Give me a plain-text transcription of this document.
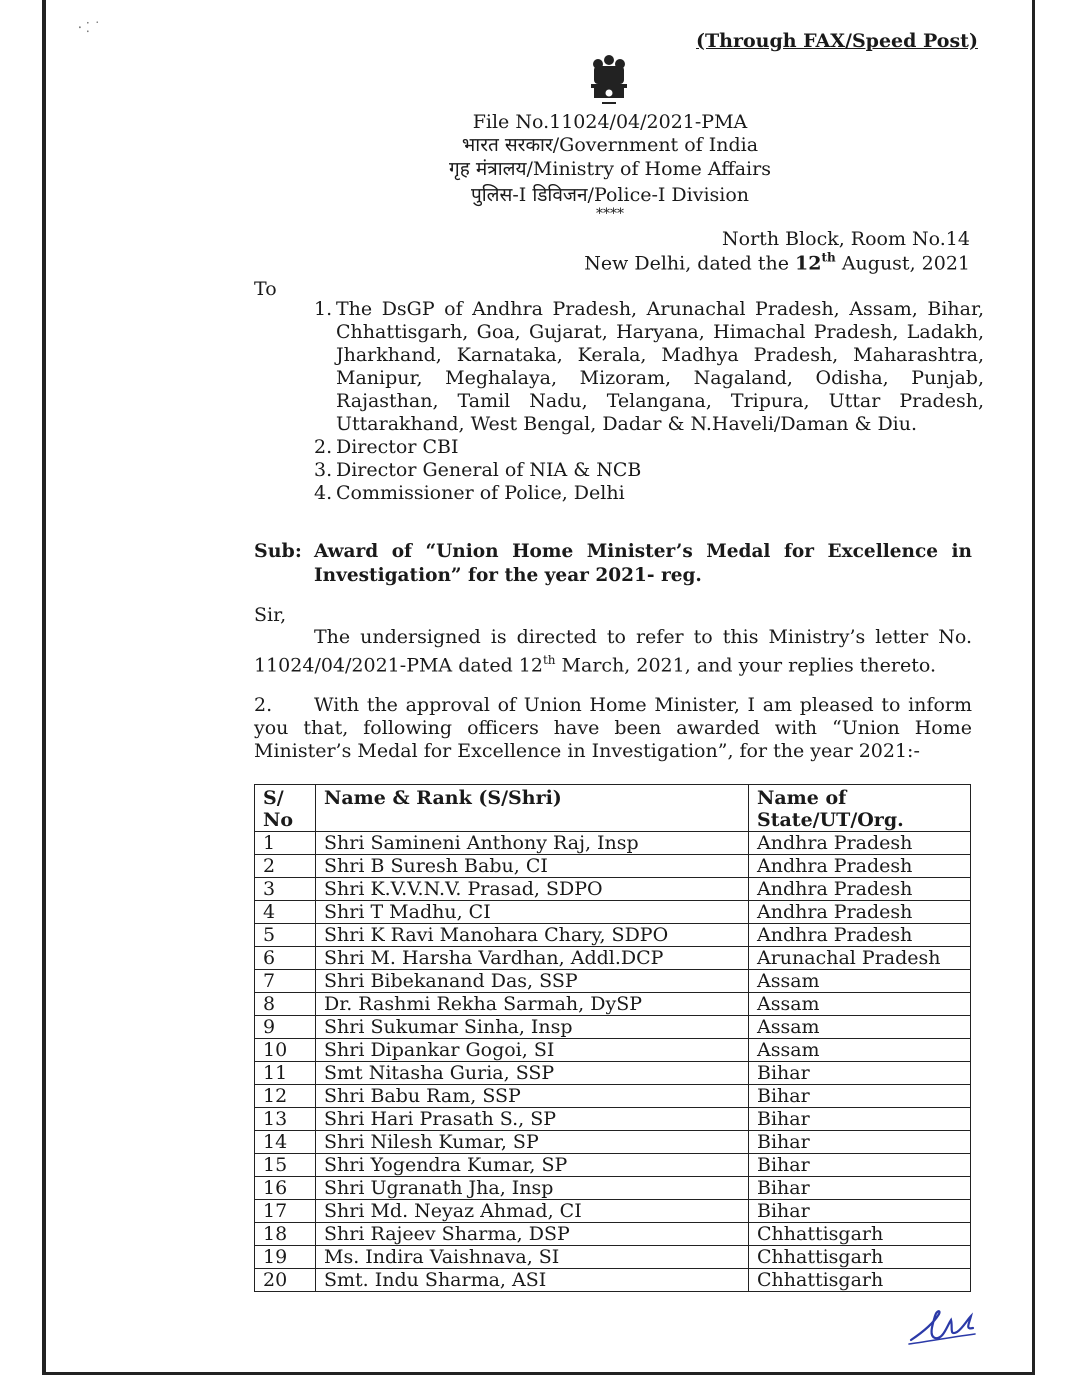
⸱ ⁚ ˙
(Through FAX/Speed Post)
File No.11024/04/2021-PMA
भारत सरकार/Government of India
गृह मंत्रालय/Ministry of Home Affairs
पुलिस-I डिविजन/Police-I Division
****
North Block, Room No.14
New Delhi, dated the 12th August, 2021
To
1. The DsGP of Andhra Pradesh, Arunachal Pradesh, Assam, Bihar, Chhattisgarh, Goa, Gujarat, Haryana, Himachal Pradesh, Ladakh, Jharkhand, Karnataka, Kerala, Madhya Pradesh, Maharashtra, Manipur, Meghalaya, Mizoram, Nagaland, Odisha, Punjab, Rajasthan, Tamil Nadu, Telangana, Tripura, Uttar Pradesh, Uttarakhand, West Bengal, Dadar & N.Haveli/Daman & Diu.
2. Director CBI
3. Director General of NIA & NCB
4. Commissioner of Police, Delhi
Sub: Award of “Union Home Minister’s Medal for Excellence in Investigation” for the year 2021- reg.
Sir,
The undersigned is directed to refer to this Ministry’s letter No. 11024/04/2021-PMA dated 12th March, 2021, and your replies thereto.
2. With the approval of Union Home Minister, I am pleased to inform you that, following officers have been awarded with “Union Home Minister’s Medal for Excellence in Investigation”, for the year 2021:-
S/ No	Name & Rank (S/Shri)	Name of State/UT/Org.
1	Shri Samineni Anthony Raj, Insp	Andhra Pradesh
2	Shri B Suresh Babu, CI	Andhra Pradesh
3	Shri K.V.V.N.V. Prasad, SDPO	Andhra Pradesh
4	Shri T Madhu, CI	Andhra Pradesh
5	Shri K Ravi Manohara Chary, SDPO	Andhra Pradesh
6	Shri M. Harsha Vardhan, Addl.DCP	Arunachal Pradesh
7	Shri Bibekanand Das, SSP	Assam
8	Dr. Rashmi Rekha Sarmah, DySP	Assam
9	Shri Sukumar Sinha, Insp	Assam
10	Shri Dipankar Gogoi, SI	Assam
11	Smt Nitasha Guria, SSP	Bihar
12	Shri Babu Ram, SSP	Bihar
13	Shri Hari Prasath S., SP	Bihar
14	Shri Nilesh Kumar, SP	Bihar
15	Shri Yogendra Kumar, SP	Bihar
16	Shri Ugranath Jha, Insp	Bihar
17	Shri Md. Neyaz Ahmad, CI	Bihar
18	Shri Rajeev Sharma, DSP	Chhattisgarh
19	Ms. Indira Vaishnava, SI	Chhattisgarh
20	Smt. Indu Sharma, ASI	Chhattisgarh
